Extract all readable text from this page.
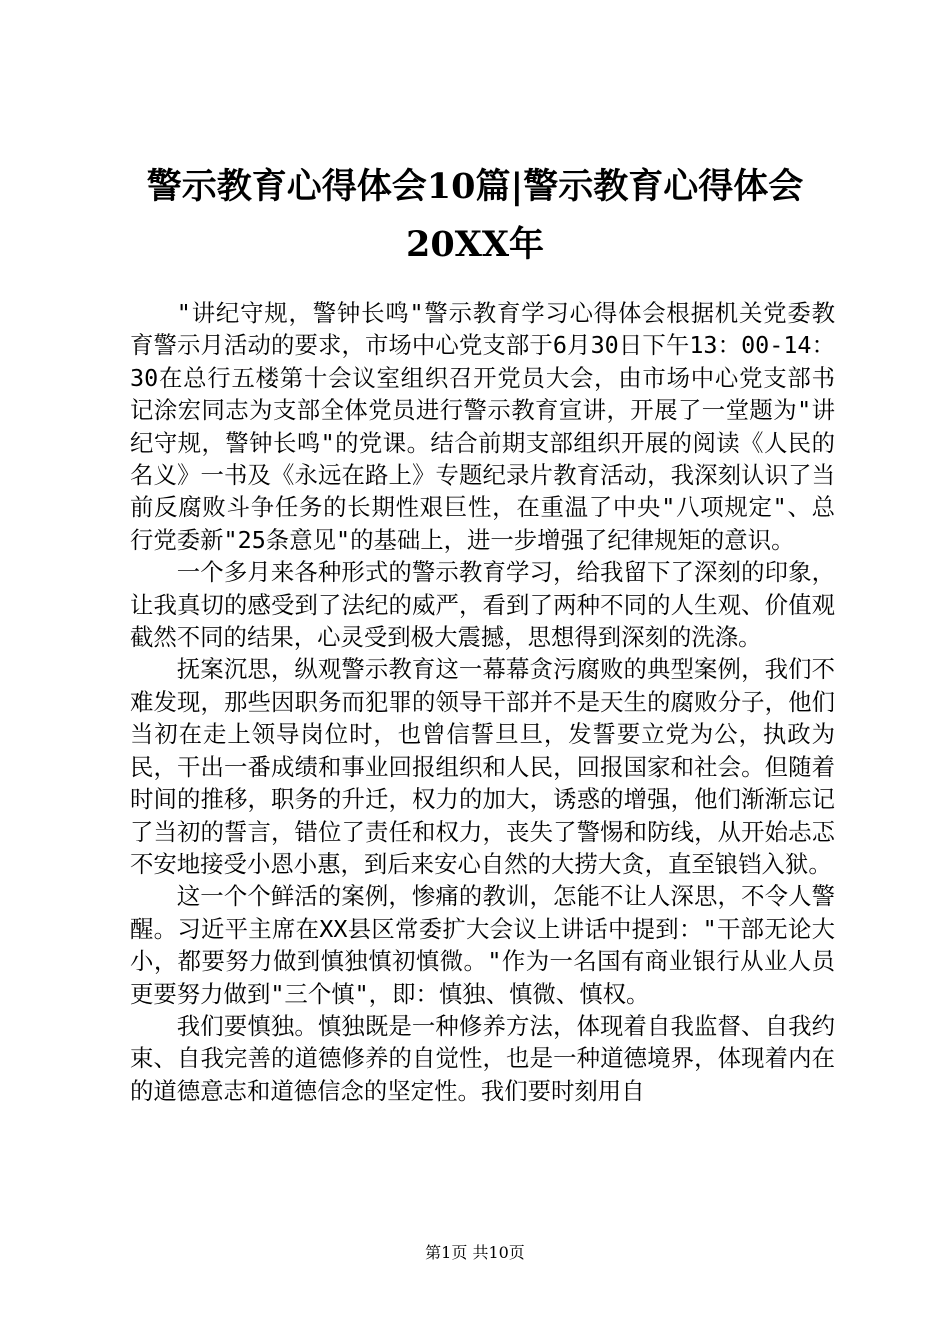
警示教育心得体会10篇|警示教育心得体会20XX年

"讲纪守规，警钟长鸣"警示教育学习心得体会根据机关党委教育警示月活动的要求，市场中心党支部于6月30日下午13：00-14：30在总行五楼第十会议室组织召开党员大会，由市场中心党支部书记涂宏同志为支部全体党员进行警示教育宣讲，开展了一堂题为"讲纪守规，警钟长鸣"的党课。结合前期支部组织开展的阅读《人民的名义》一书及《永远在路上》专题纪录片教育活动，我深刻认识了当前反腐败斗争任务的长期性艰巨性，在重温了中央"八项规定"、总行党委新"25条意见"的基础上，进一步增强了纪律规矩的意识。

一个多月来各种形式的警示教育学习，给我留下了深刻的印象，让我真切的感受到了法纪的威严，看到了两种不同的人生观、价值观截然不同的结果，心灵受到极大震撼，思想得到深刻的洗涤。

抚案沉思，纵观警示教育这一幕幕贪污腐败的典型案例，我们不难发现，那些因职务而犯罪的领导干部并不是天生的腐败分子，他们当初在走上领导岗位时，也曾信誓旦旦，发誓要立党为公，执政为民，干出一番成绩和事业回报组织和人民，回报国家和社会。但随着时间的推移，职务的升迁，权力的加大，诱惑的增强，他们渐渐忘记了当初的誓言，错位了责任和权力，丧失了警惕和防线，从开始忐忑不安地接受小恩小惠，到后来安心自然的大捞大贪，直至锒铛入狱。

这一个个鲜活的案例，惨痛的教训，怎能不让人深思，不令人警醒。习近平主席在XX县区常委扩大会议上讲话中提到："干部无论大小，都要努力做到慎独慎初慎微。"作为一名国有商业银行从业人员更要努力做到"三个慎"，即：慎独、慎微、慎权。

我们要慎独。慎独既是一种修养方法，体现着自我监督、自我约束、自我完善的道德修养的自觉性，也是一种道德境界，体现着内在的道德意志和道德信念的坚定性。我们要时刻用自

第1页 共10页
